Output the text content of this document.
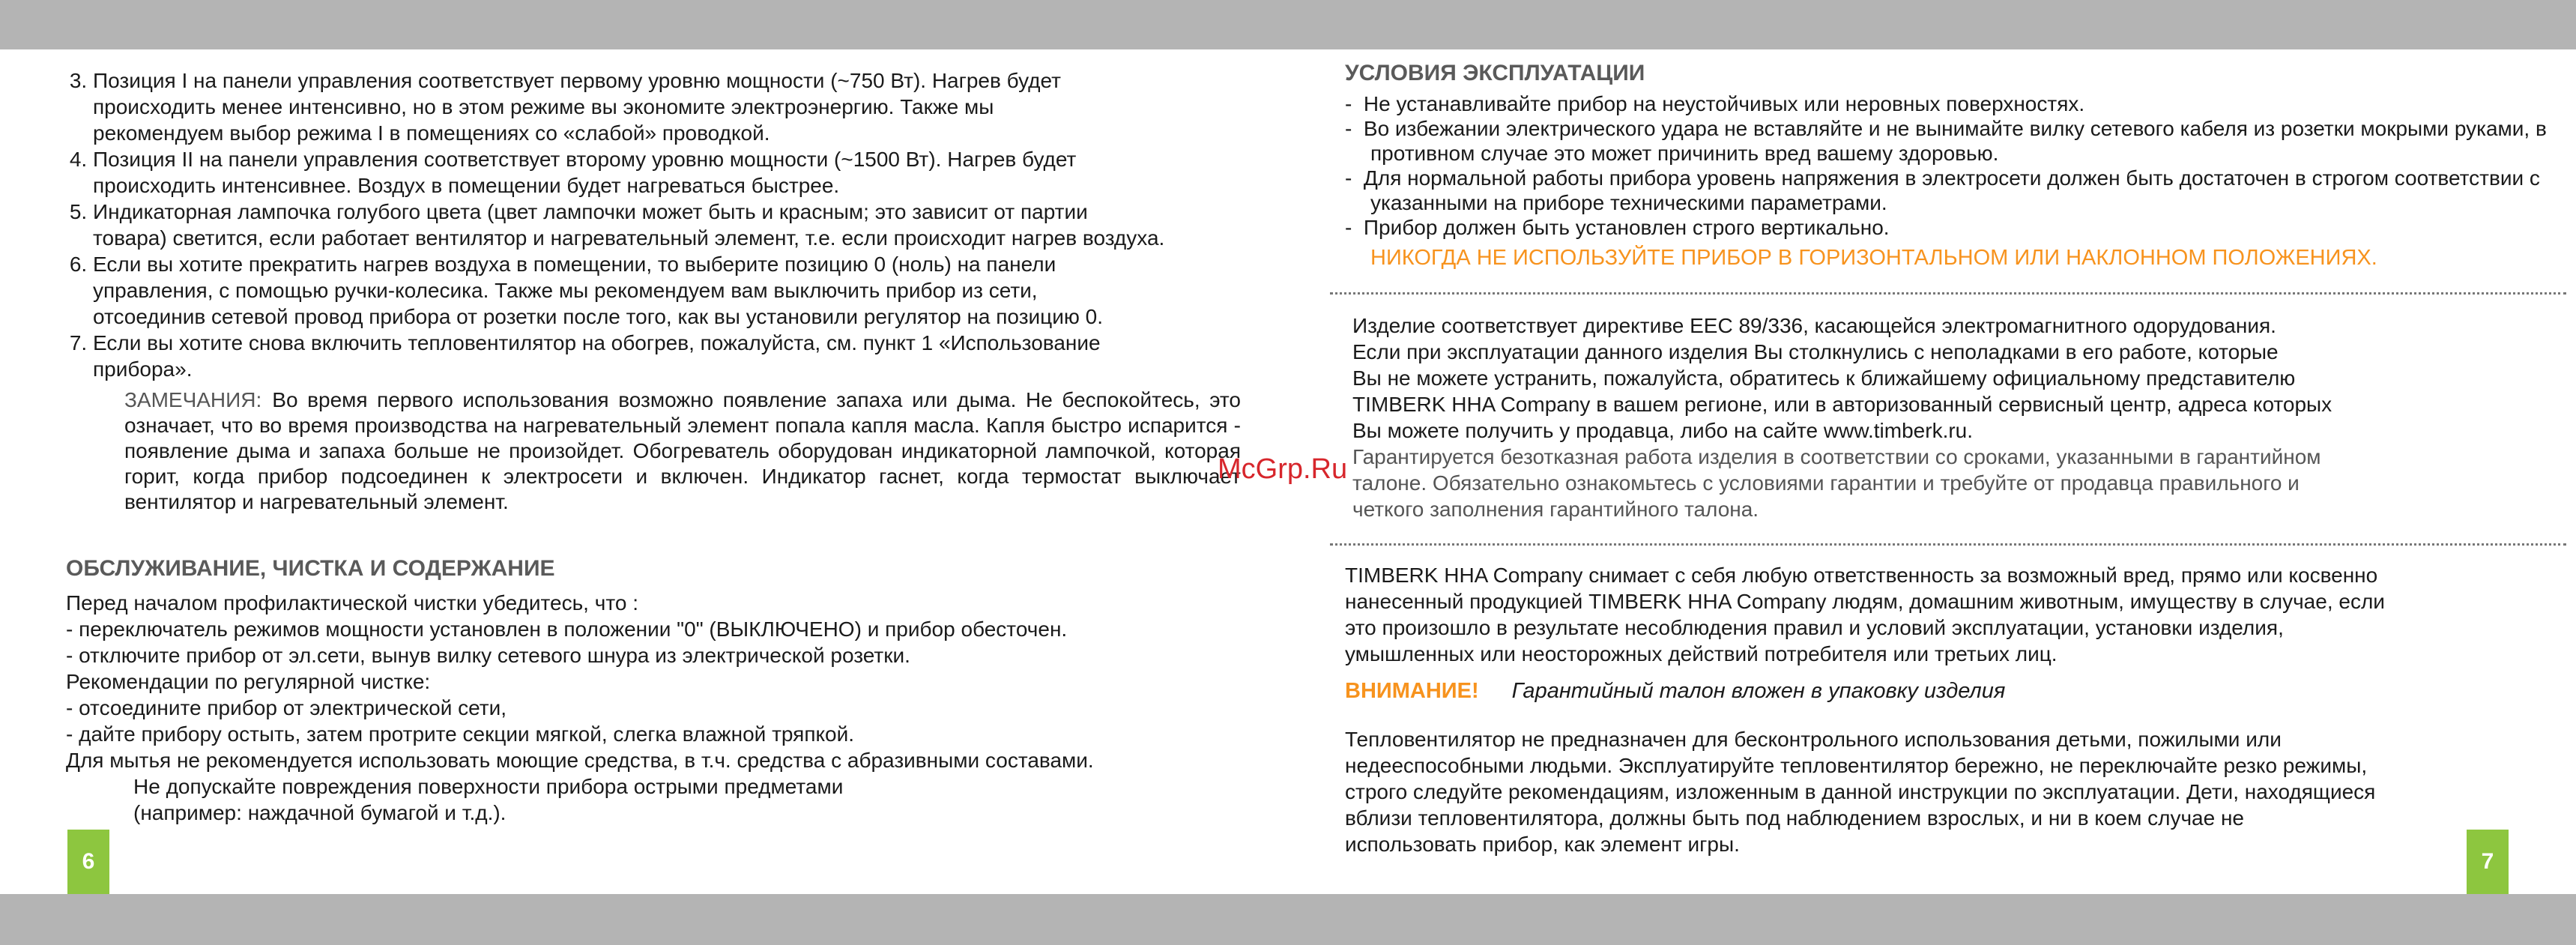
6	7
3. Позиция I на панели управления соответствует первому уровню мощности (~750 Вт). Нагрев будет
происходить менее интенсивно, но в этом режиме вы экономите электроэнергию. Также мы
рекомендуем выбор режима I в помещениях со «слабой» проводкой.
4. Позиция II на панели управления соответствует второму уровню мощности (~1500 Вт). Нагрев будет
происходить интенсивнее. Воздух в помещении будет нагреваться быстрее.
5. Индикаторная лампочка голубого цвета (цвет лампочки может быть и красным; это зависит от партии
товара) светится, если работает вентилятор и нагревательный элемент, т.е. если происходит нагрев воздуха.
6. Если вы хотите прекратить нагрев воздуха в помещении, то выберите позицию 0 (ноль) на панели
управления, с помощью ручки-колесика. Также мы рекомендуем вам выключить прибор из сети,
отсоединив сетевой провод прибора от розетки после того, как вы установили регулятор на позицию 0.
7. Если вы хотите снова включить тепловентилятор на обогрев, пожалуйста, см. пункт 1 «Использование
прибора».

ЗАМЕЧАНИЯ: Во время первого использования возможно появление запаха или дыма. Не беспокойтесь, это означает, что во время производства на нагревательный элемент попала капля масла. Капля быстро испарится - появление дыма и запаха больше не произойдет. Обогреватель оборудован индикаторной лампочкой, которая горит, когда прибор подсоединен к электросети и включен. Индикатор гаснет, когда термостат выключает вентилятор и нагревательный элемент.

ОБСЛУЖИВАНИЕ, ЧИСТКА И СОДЕРЖАНИЕ

Перед началом профилактической чистки убедитесь, что :

- переключатель режимов мощности установлен в положении "0" (ВЫКЛЮЧЕНО) и прибор обесточен.

- отключите прибор от эл.сети, вынув вилку сетевого шнура из электрической розетки.

Рекомендации по регулярной чистке:

- отсоедините прибор от электрической сети,

- дайте прибору остыть, затем протрите секции мягкой, слегка влажной тряпкой.

Для мытья не рекомендуется использовать моющие средства, в т.ч. средства с абразивными составами.

Не допускайте повреждения поверхности прибора острыми предметами

(например: наждачной бумагой и т.д.).

УСЛОВИЯ ЭКСПЛУАТАЦИИ

-  Не устанавливайте прибор на неустойчивых или неровных поверхностях.

-  Во избежании электрического удара не вставляйте и не вынимайте вилку сетевого кабеля из розетки мокрыми руками, в противном случае это может причинить вред вашему здоровью.

-  Для нормальной работы прибора уровень напряжения в электросети должен быть достаточен в строгом соответствии с указанными на приборе техническими параметрами.

-  Прибор должен быть установлен строго вертикально.

НИКОГДА НЕ ИСПОЛЬЗУЙТЕ ПРИБОР В ГОРИЗОНТАЛЬНОМ ИЛИ НАКЛОННОМ ПОЛОЖЕНИЯХ.

Изделие соответствует директиве ЕЕС 89/336, касающейся электромагнитного одорудования.

Если при эксплуатации данного изделия Вы столкнулись с неполадками в его работе, которые

Вы не можете устранить, пожалуйста, обратитесь к ближайшему официальному представителю

TIMBERK HHA Company в вашем регионе, или в авторизованный сервисный центр, адреса которых

Вы можете получить у продавца, либо на сайте www.timberk.ru.

Гарантируется безотказная работа изделия в соответствии со сроками, указанными в гарантийном

талоне. Обязательно ознакомьтесь с условиями гарантии и требуйте от продавца правильного и

четкого заполнения гарантийного талона.

TIMBERK HHA Company снимает с себя любую ответственность за возможный вред, прямо или косвенно

нанесенный продукцией TIMBERK HHA Company людям, домашним животным, имуществу в случае, если

это произошло в результате несоблюдения правил и условий эксплуатации, установки изделия,

умышленных или неосторожных действий потребителя или третьих лиц.

ВНИМАНИЕ! Гарантийный талон вложен в упаковку изделия

Тепловентилятор не предназначен для бесконтрольного использования детьми, пожилыми или

недееспособными людьми. Эксплуатируйте тепловентилятор бережно, не переключайте резко режимы,

строго следуйте рекомендациям, изложенным в данной инструкции по эксплуатации. Дети, находящиеся

вблизи тепловентилятора, должны быть под наблюдением взрослых, и ни в коем случае не

использовать прибор, как элемент игры.

McGrp.Ru
